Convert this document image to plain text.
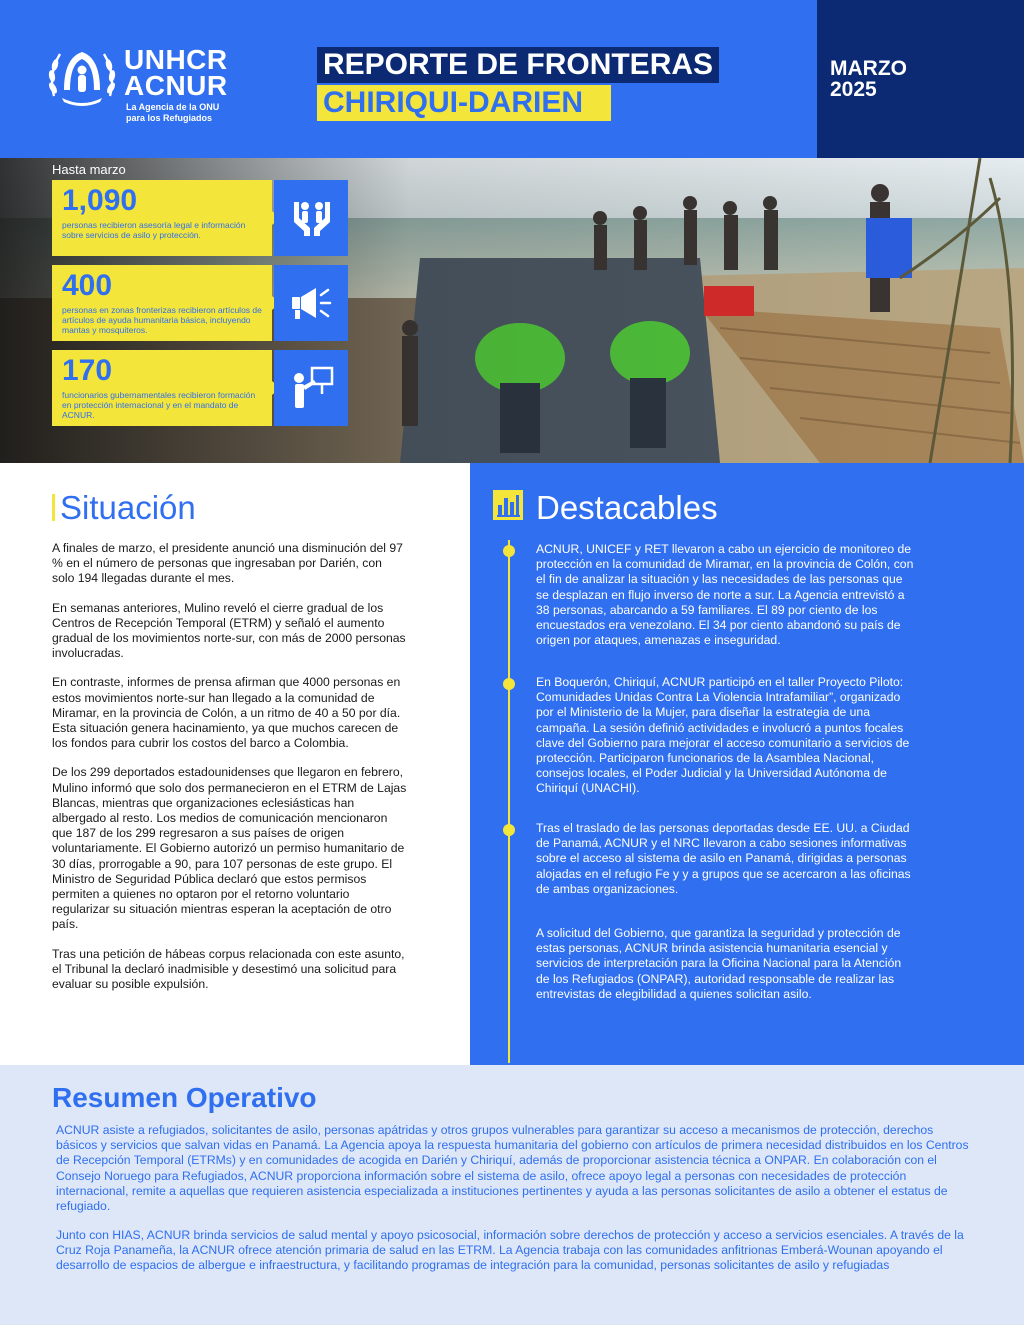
MARZO
2025
UNHCR
ACNUR
La Agencia de la ONU para los Refugiados
REPORTE DE FRONTERAS
CHIRIQUI-DARIEN
Hasta marzo
1,090
personas recibieron asesoría legal e información sobre servicios de asilo y protección.
400
personas en zonas fronterizas recibieron artículos de artículos de ayuda humanitaria básica, incluyendo mantas y mosquiteros.
170
funcionarios gubernamentales recibieron formación en protección internacional y en el mandato de ACNUR.
Situación

A finales de marzo, el presidente anunció una disminución del 97 % en el número de personas que ingresaban por Darién, con solo 194 llegadas durante el mes.

En semanas anteriores, Mulino reveló el cierre gradual de los Centros de Recepción Temporal (ETRM) y señaló el aumento gradual de los movimientos norte-sur, con más de 2000 personas involucradas.

En contraste, informes de prensa afirman que 4000 personas en estos movimientos norte-sur han llegado a la comunidad de Miramar, en la provincia de Colón, a un ritmo de 40 a 50 por día. Esta situación genera hacinamiento, ya que muchos carecen de los fondos para cubrir los costos del barco a Colombia.

De los 299 deportados estadounidenses que llegaron en febrero, Mulino informó que solo dos permanecieron en el ETRM de Lajas Blancas, mientras que organizaciones eclesiásticas han albergado al resto. Los medios de comunicación mencionaron que 187 de los 299 regresaron a sus países de origen voluntariamente. El Gobierno autorizó un permiso humanitario de 30 días, prorrogable a 90, para 107 personas de este grupo. El Ministro de Seguridad Pública declaró que estos permisos permiten a quienes no optaron por el retorno voluntario regularizar su situación mientras esperan la aceptación de otro país.

Tras una petición de hábeas corpus relacionada con este asunto, el Tribunal la declaró inadmisible y desestimó una solicitud para evaluar su posible expulsión.

Destacables
ACNUR, UNICEF y RET llevaron a cabo un ejercicio de monitoreo de protección en la comunidad de Miramar, en la provincia de Colón, con el fin de analizar la situación y las necesidades de las personas que se desplazan en flujo inverso de norte a sur. La Agencia entrevistó a 38 personas, abarcando a 59 familiares. El 89 por ciento de los encuestados era venezolano. El 34 por ciento abandonó su país de origen por ataques, amenazas e inseguridad.
En Boquerón, Chiriquí, ACNUR participó en el taller Proyecto Piloto: Comunidades Unidas Contra La Violencia Intrafamiliar”, organizado por el Ministerio de la Mujer, para diseñar la estrategia de una campaña. La sesión definió actividades e involucró a puntos focales clave del Gobierno para mejorar el acceso comunitario a servicios de protección. Participaron funcionarios de la Asamblea Nacional, consejos locales, el Poder Judicial y la Universidad Autónoma de Chiriquí (UNACHI).
Tras el traslado de las personas deportadas desde EE. UU. a Ciudad de Panamá, ACNUR y el NRC llevaron a cabo sesiones informativas sobre el acceso al sistema de asilo en Panamá, dirigidas a personas alojadas en el refugio Fe y y a grupos que se acercaron a las oficinas de ambas organizaciones.
A solicitud del Gobierno, que garantiza la seguridad y protección de estas personas, ACNUR brinda asistencia humanitaria esencial y servicios de interpretación para la Oficina Nacional para la Atención de los Refugiados (ONPAR), autoridad responsable de realizar las entrevistas de elegibilidad a quienes solicitan asilo.
Resumen Operativo
ACNUR asiste a refugiados, solicitantes de asilo, personas apátridas y otros grupos vulnerables para garantizar su acceso a mecanismos de protección, derechos básicos y servicios que salvan vidas en Panamá. La Agencia apoya la respuesta humanitaria del gobierno con artículos de primera necesidad distribuidos en los Centros de Recepción Temporal (ETRMs) y en comunidades de acogida en Darién y Chiriquí, además de proporcionar asistencia técnica a ONPAR. En colaboración con el Consejo Noruego para Refugiados, ACNUR proporciona información sobre el sistema de asilo, ofrece apoyo legal a personas con necesidades de protección internacional, remite a aquellas que requieren asistencia especializada a instituciones pertinentes y ayuda a las personas solicitantes de asilo a obtener el estatus de refugiado.
Junto con HIAS, ACNUR brinda servicios de salud mental y apoyo psicosocial, información sobre derechos de protección y acceso a servicios esenciales. A través de la Cruz Roja Panameña, la ACNUR ofrece atención primaria de salud en las ETRM. La Agencia trabaja con las comunidades anfitrionas Emberá-Wounan apoyando el desarrollo de espacios de albergue e infraestructura, y facilitando programas de integración para la comunidad, personas solicitantes de asilo y refugiadas
